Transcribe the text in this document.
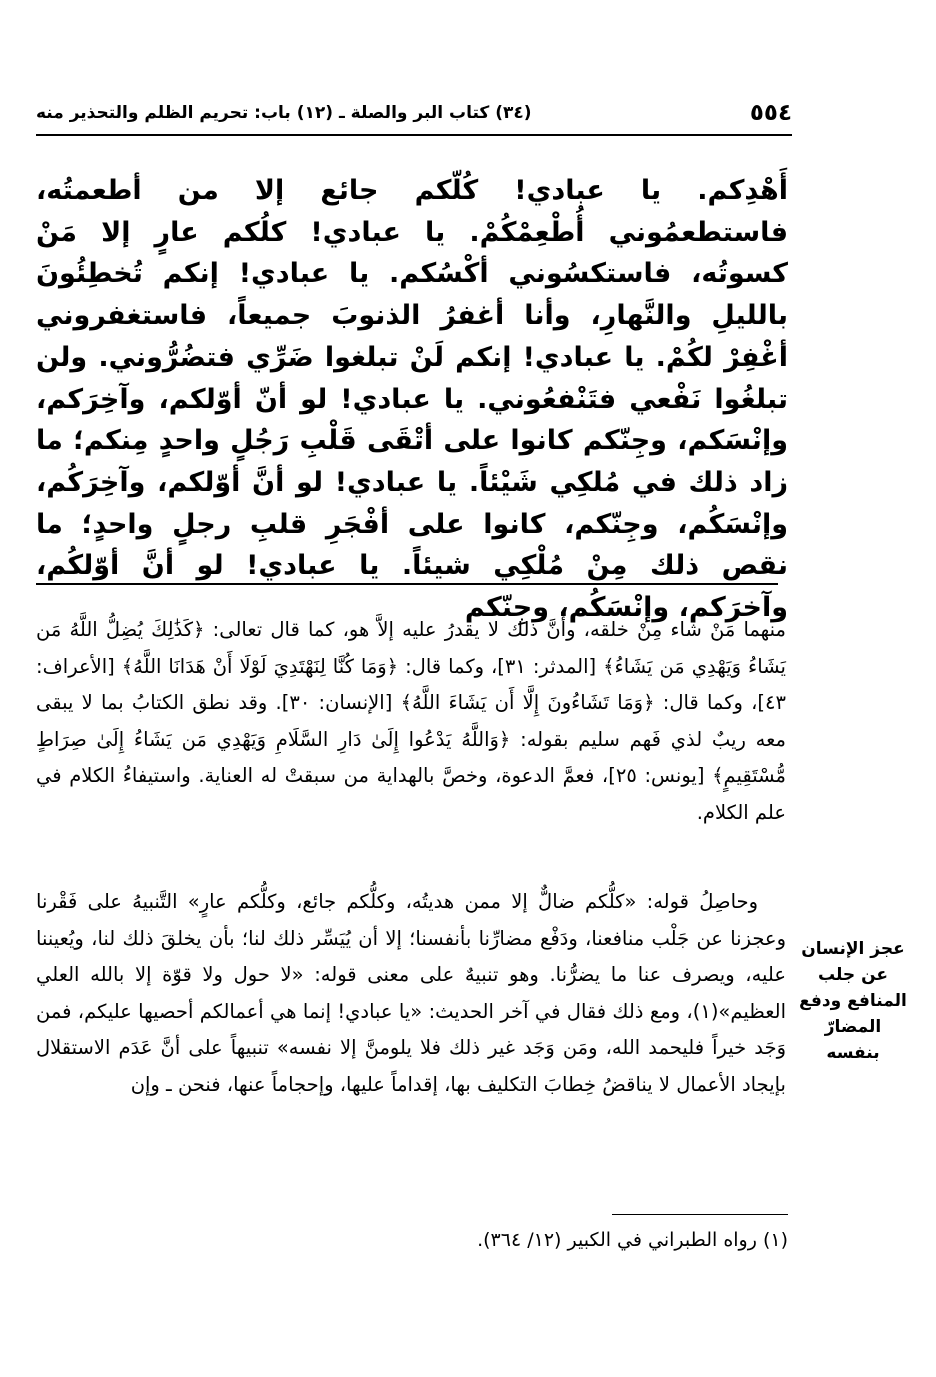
٥٥٤
(٣٤) كتاب البر والصلة ـ (١٢) باب: تحريم الظلم والتحذير منه
أَهْدِكم. يا عبادي! كُلّكم جائع إلا من أطعمتُه، فاستطعمُوني أُطْعِمْكُمْ. يا عبادي! كلُكم عارٍ إلا مَنْ كسوتُه، فاستكسُوني أكْسُكم. يا عبادي! إنكم تُخطِئُونَ بالليلِ والنَّهارِ، وأنا أغفرُ الذنوبَ جميعاً، فاستغفروني أغْفِرْ لكُمْ. يا عبادي! إنكم لَنْ تبلغوا ضَرِّي فتضُرُّوني. ولن تبلغُوا نَفْعي فتَنْفعُوني. يا عبادي! لو أنّ أوّلكم، وآخِرَكم، وإنْسَكم، وجِنّكم كانوا على أتْقَى قَلْبِ رَجُلٍ واحدٍ مِنكم؛ ما زاد ذلك في مُلكِي شَيْئاً. يا عبادي! لو أنَّ أوّلكم، وآخِرَكُم، وإنْسَكُم، وجِنّكم، كانوا على أفْجَرِ قلبِ رجلٍ واحدٍ؛ ما نقص ذلك مِنْ مُلْكِي شيئاً. يا عبادي! لو أنَّ أوّلكُم، وآخرَكم، وإنْسَكُم، وجِنّكم
منهما مَنْ شاء مِنْ خلقه، وأنَّ ذلك لا يقدرُ عليه إلاَّ هو، كما قال تعالى: ﴿كَذَٰلِكَ يُضِلُّ اللَّهُ مَن يَشَاءُ وَيَهْدِي مَن يَشَاءُ﴾ [المدثر: ٣١]، وكما قال: ﴿وَمَا كُنَّا لِنَهْتَدِيَ لَوْلَا أَنْ هَدَانَا اللَّهُ﴾ [الأعراف: ٤٣]، وكما قال: ﴿وَمَا تَشَاءُونَ إِلَّا أَن يَشَاءَ اللَّهُ﴾ [الإنسان: ٣٠]. وقد نطق الكتابُ بما لا يبقى معه ريبٌ لذي فَهم سليم بقوله: ﴿وَاللَّهُ يَدْعُوا إِلَىٰ دَارِ السَّلَامِ وَيَهْدِي مَن يَشَاءُ إِلَىٰ صِرَاطٍ مُّسْتَقِيمٍ﴾ [يونس: ٢٥]، فعمَّ الدعوة، وخصَّ بالهداية من سبقتْ له العناية. واستيفاءُ الكلام في علم الكلام.
وحاصِلُ قوله: «كلُّكم ضالٌّ إلا ممن هديتُه، وكلُّكم جائع، وكلُّكم عارٍ» التَّنبيهُ على فَقْرنا وعجزنا عن جَلْب منافعنا، ودَفْع مضارِّنا بأنفسنا؛ إلا أن يُيَسِّر ذلك لنا؛ بأن يخلقَ ذلك لنا، ويُعيننا عليه، ويصرف عنا ما يضرُّنا. وهو تنبيهٌ على معنى قوله: «لا حول ولا قوّة إلا بالله العلي العظيم»(١)، ومع ذلك فقال في آخر الحديث: «يا عبادي! إنما هي أعمالكم أحصيها عليكم، فمن وَجَد خيراً فليحمد الله، ومَن وَجَد غير ذلك فلا يلومنَّ إلا نفسه» تنبيهاً على أنَّ عَدَم الاستقلال بإيجاد الأعمال لا يناقضُ خِطابَ التكليف بها، إقداماً عليها، وإحجاماً عنها، فنحن ـ وإن
عجز الإنسان
عن جلب
المنافع ودفع
المضارّ بنفسه
(١) رواه الطبراني في الكبير (١٢/ ٣٦٤).
